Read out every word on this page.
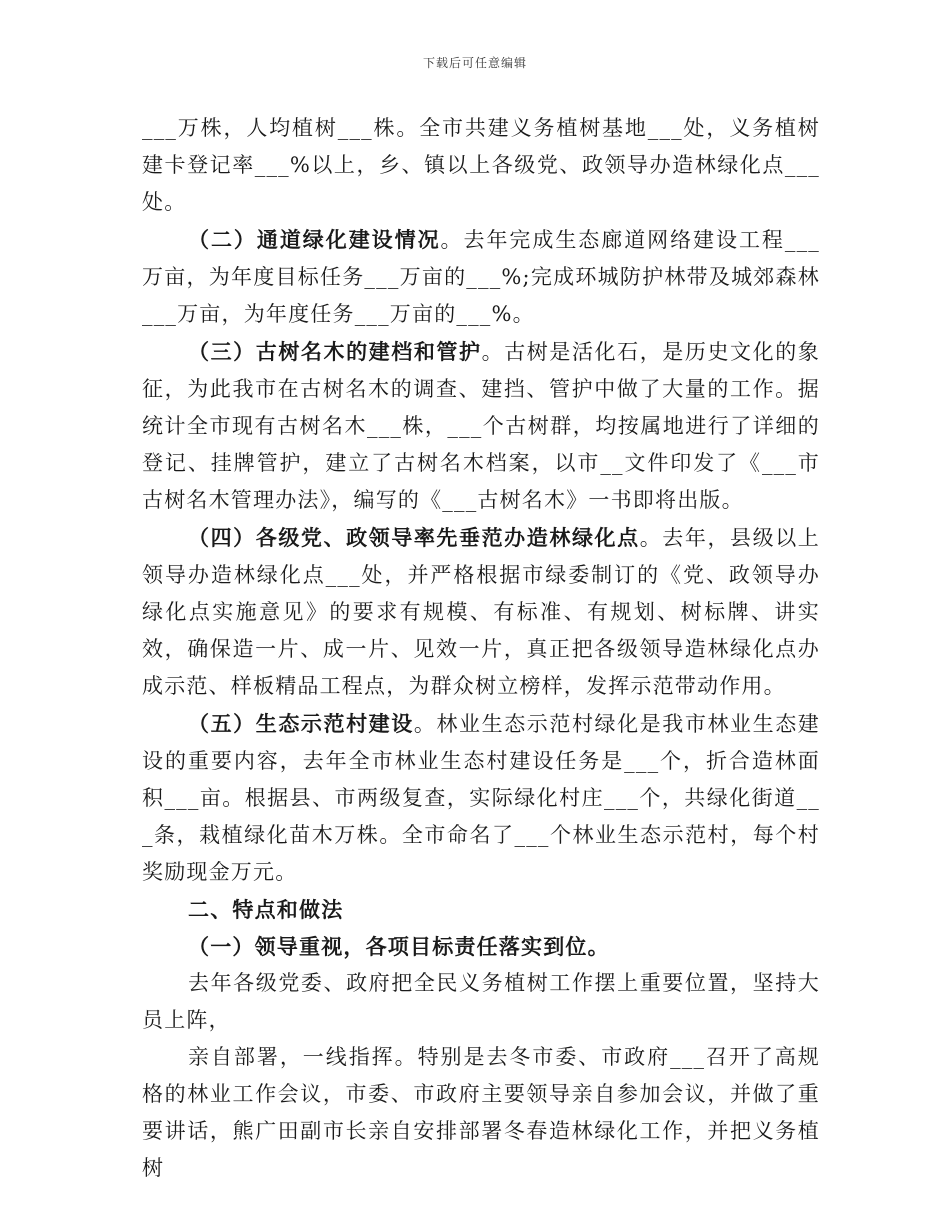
下载后可任意编辑

___万株，人均植树___株。全市共建义务植树基地___处，义务植树建卡登记率___%以上，乡、镇以上各级党、政领导办造林绿化点___处。

（二）通道绿化建设情况。去年完成生态廊道网络建设工程___万亩，为年度目标任务___万亩的___%;完成环城防护林带及城郊森林___万亩，为年度任务___万亩的___%。

（三）古树名木的建档和管护。古树是活化石，是历史文化的象征，为此我市在古树名木的调查、建挡、管护中做了大量的工作。据统计全市现有古树名木___株，___个古树群，均按属地进行了详细的登记、挂牌管护，建立了古树名木档案，以市__文件印发了《___市古树名木管理办法》，编写的《___古树名木》一书即将出版。

（四）各级党、政领导率先垂范办造林绿化点。去年，县级以上领导办造林绿化点___处，并严格根据市绿委制订的《党、政领导办绿化点实施意见》的要求有规模、有标准、有规划、树标牌、讲实效，确保造一片、成一片、见效一片，真正把各级领导造林绿化点办成示范、样板精品工程点，为群众树立榜样，发挥示范带动作用。

（五）生态示范村建设。林业生态示范村绿化是我市林业生态建设的重要内容，去年全市林业生态村建设任务是___个，折合造林面积___亩。根据县、市两级复查，实际绿化村庄___个，共绿化街道___条，栽植绿化苗木万株。全市命名了___个林业生态示范村，每个村奖励现金万元。

二、特点和做法

（一）领导重视，各项目标责任落实到位。

去年各级党委、政府把全民义务植树工作摆上重要位置，坚持大员上阵，

亲自部署，一线指挥。特别是去冬市委、市政府___召开了高规格的林业工作会议，市委、市政府主要领导亲自参加会议，并做了重要讲话，熊广田副市长亲自安排部署冬春造林绿化工作，并把义务植树
